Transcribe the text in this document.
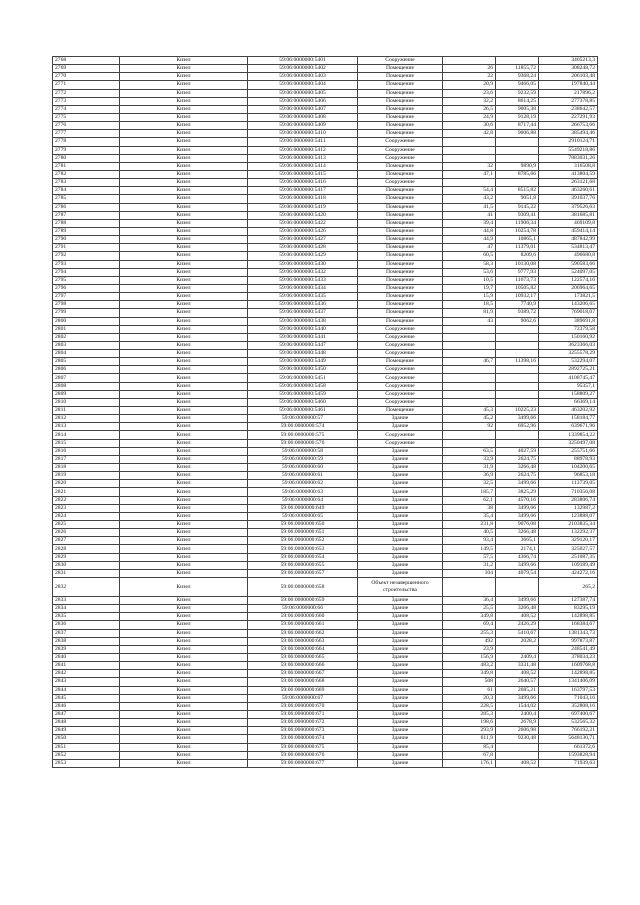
2768	Кизел	59:06:0000000:5401	Сооружение			3405213,3
2769	Кизел	59:06:0000000:5402	Помещение	26	11855,72	308248,72
2770	Кизел	59:06:0000000:5403	Помещение	22	9368,24	206103,48
2771	Кизел	59:06:0000000:5404	Помещение	20,9	9466,05	197840,44
2772	Кизел	59:06:0000000:5405	Помещение	23,6	9232,59	217896,2
2773	Кизел	59:06:0000000:5406	Помещение	32,2	8614,25	277378,85
2774	Кизел	59:06:0000000:5407	Помещение	26,5	9005,38	238642,57
2775	Кизел	59:06:0000000:5408	Помещение	24,9	9128,19	227291,93
2776	Кизел	59:06:0000000:5409	Помещение	30,6	8717,44	266753,66
2777	Кизел	59:06:0000000:5410	Помещение	42,8	9006,88	385494,46
2778	Кизел	59:06:0000000:5411	Сооружение			2910124,71
2779	Кизел	59:06:0000000:5412	Сооружение			5549218,86
2780	Кизел	59:06:0000000:5413	Сооружение			7883031,26
2781	Кизел	59:06:0000000:5414	Помещение	32	9890,9	316508,8
2782	Кизел	59:06:0000000:5415	Помещение	47,1	8785,66	413804,59
2783	Кизел	59:06:0000000:5416	Сооружение			263121,68
2784	Кизел	59:06:0000000:5417	Помещение	54,4	8515,82	463260,61
2785	Кизел	59:06:0000000:5418	Помещение	43,2	9051,8	391037,76
2786	Кизел	59:06:0000000:5419	Помещение	41,5	9145,22	379526,63
2787	Кизел	59:06:0000000:5420	Помещение	41	9309,41	381685,81
2788	Кизел	59:06:0000000:5422	Помещение	39,4	11906,34	469109,8
2789	Кизел	59:06:0000000:5426	Помещение	44,8	10254,78	459414,14
2790	Кизел	59:06:0000000:5427	Помещение	44,9	10865,1	487842,99
2791	Кизел	59:06:0000000:5428	Помещение	47	11379,01	534813,47
2792	Кизел	59:06:0000000:5429	Помещение	60,5	8209,6	496680,8
2793	Кизел	59:06:0000000:5430	Помещение	58,3	10130,08	590583,66
2794	Кизел	59:06:0000000:5432	Помещение	53,6	9777,93	524097,05
2795	Кизел	59:06:0000000:5433	Помещение	10,5	11673,73	122574,16
2796	Кизел	59:06:0000000:5434	Помещение	19,7	10505,82	206964,65
2797	Кизел	59:06:0000000:5435	Помещение	15,9	10932,17	173821,5
2798	Кизел	59:06:0000000:5436	Помещение	18,5	7740,9	143206,65
2799	Кизел	59:06:0000000:5437	Помещение	81,9	9389,72	769018,07
2800	Кизел	59:06:0000000:5438	Помещение	43	9062,6	389691,8
2801	Кизел	59:06:0000000:5440	Сооружение			72379,58
2802	Кизел	59:06:0000000:5441	Сооружение			150160,92
2803	Кизел	59:06:0000000:5447	Сооружение			3623366,03
2804	Кизел	59:06:0000000:5448	Сооружение			3255578,29
2805	Кизел	59:06:0000000:5449	Помещение	46,7	11398,16	532294,07
2806	Кизел	59:06:0000000:5450	Сооружение			2892725,21
2807	Кизел	59:06:0000000:5451	Сооружение			4108745,47
2808	Кизел	59:06:0000000:5458	Сооружение			95357,1
2809	Кизел	59:06:0000000:5459	Сооружение			158809,27
2810	Кизел	59:06:0000000:5460	Сооружение			66369,14
2811	Кизел	59:06:0000000:5461	Помещение	45,3	10225,23	463202,92
2812	Кизел	59:06:0000000:57	Здание	45,2	3499,66	158184,77
2813	Кизел	59:06:0000000:574	Здание	92	6952,96	639671,96
2814	Кизел	59:06:0000000:575	Сооружение			1339854,22
2815	Кизел	59:06:0000000:576	Сооружение			3250497,08
2816	Кизел	59:06:0000000:58	Здание	63,5	4027,59	255751,66
2817	Кизел	59:06:0000000:59	Здание	33,9	2624,75	88978,93
2818	Кизел	59:06:0000000:60	Здание	31,9	3266,48	104200,65
2819	Кизел	59:06:0000000:61	Здание	36,9	2624,75	96853,18
2820	Кизел	59:06:0000000:62	Здание	32,5	3499,66	113739,05
2821	Кизел	59:06:0000000:63	Здание	185,7	3825,29	710356,08
2822	Кизел	59:06:0000000:64	Здание	62,1	4570,16	283806,74
2823	Кизел	59:06:0000000:649	Здание	38	3499,66	132987,2
2824	Кизел	59:06:0000000:65	Здание	35,4	3499,66	123888,07
2825	Кизел	59:06:0000000:650	Здание	231,8	9076,08	2103835,34
2826	Кизел	59:06:0000000:651	Здание	40,5	3266,48	132292,37
2827	Кизел	59:06:0000000:652	Здание	93,4	3665,1	329120,17
2828	Кизел	59:06:0000000:653	Здание	149,5	2174,1	325027,57
2829	Кизел	59:06:0000000:654	Здание	57,5	4366,74	251087,35
2830	Кизел	59:06:0000000:655	Здание	31,2	3499,66	109189,49
2831	Кизел	59:06:0000000:657	Здание	104	4079,54	424272,16
2832	Кизел	59:06:0000000:658	Объект незавершенного строительства			265,2
2833	Кизел	59:06:0000000:659	Здание	36,4	3499,66	127387,74
2834	Кизел	59:06:0000000:66	Здание	25,5	3266,48	83295,19
2835	Кизел	59:06:0000000:660	Здание	349,8	408,52	142898,85
2836	Кизел	59:06:0000000:661	Здание	69,4	2426,29	168384,67
2837	Кизел	59:06:0000000:662	Здание	255,3	5410,67	1381343,73
2838	Кизел	59:06:0000000:663	Здание	492	2028,2	997873,87
2839	Кизел	59:06:0000000:664	Здание	23,9		248541,49
2840	Кизел	59:06:0000000:665	Здание	156,9	2409,4	378034,23
2841	Кизел	59:06:0000000:666	Здание	483,2	3331,48	1609768,8
2842	Кизел	59:06:0000000:667	Здание	349,8	408,52	142898,85
2843	Кизел	59:06:0000000:668	Здание	508	2640,57	1341406,09
2844	Кизел	59:06:0000000:669	Здание	61	2685,21	163797,53
2845	Кизел	59:06:0000000:67	Здание	20,3	3499,66	71043,16
2846	Кизел	59:06:0000000:670	Здание	228,5	1544,02	352808,16
2847	Кизел	59:06:0000000:671	Здание	285,3	2400,4	697400,67
2848	Кизел	59:06:0000000:672	Здание	198,6	2678,9	532565,32
2849	Кизел	59:06:0000000:673	Здание	293,9	2606,98	766192,21
2850	Кизел	59:06:0000000:674	Здание	611,9	9230,48	5648130,71
2851	Кизел	59:06:0000000:675	Здание	85,4		661372,6
2852	Кизел	59:06:0000000:676	Здание	67,8		1593828,94
2853	Кизел	59:06:0000000:677	Здание	176,1	408,52	71939,63
